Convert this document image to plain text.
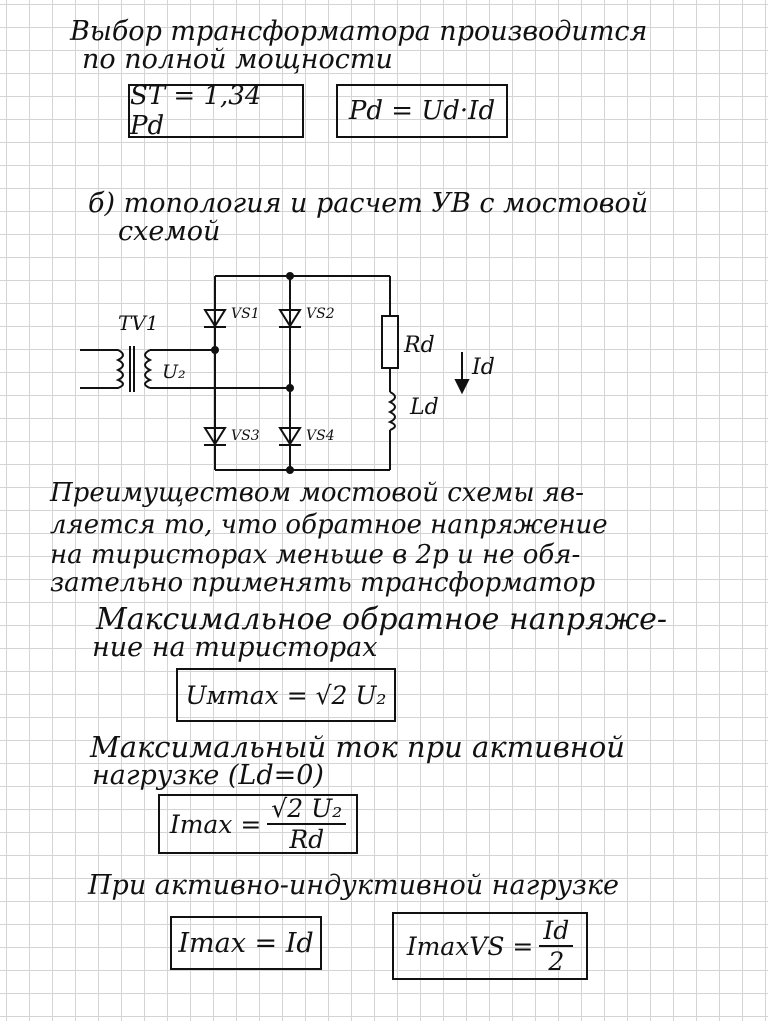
Выбор трансформатора производится
по полной мощности
ST = 1,34 Pd	Pd = Ud·Id
б) топология и расчет УВ с мостовой
схемой
TV1
U₂
VS1	VS2
VS3	VS4
Rd
Ld
Id
Преимуществом мостовой схемы яв-
ляется то, что обратное напряжение
на тиристорах меньше в 2р и не обя-
зательно применять трансформатор
Максимальное обратное напряже-
ние на тиристорах
Uᴍmax = √2 U₂
Максимальный ток при активной
нагрузке (Ld=0)
$Imax = \frac{\text{√2 U₂}}{Rd}$
При активно-индуктивной нагрузке
Imax = Id	ImaxVS = $\frac{Id}{2}$
